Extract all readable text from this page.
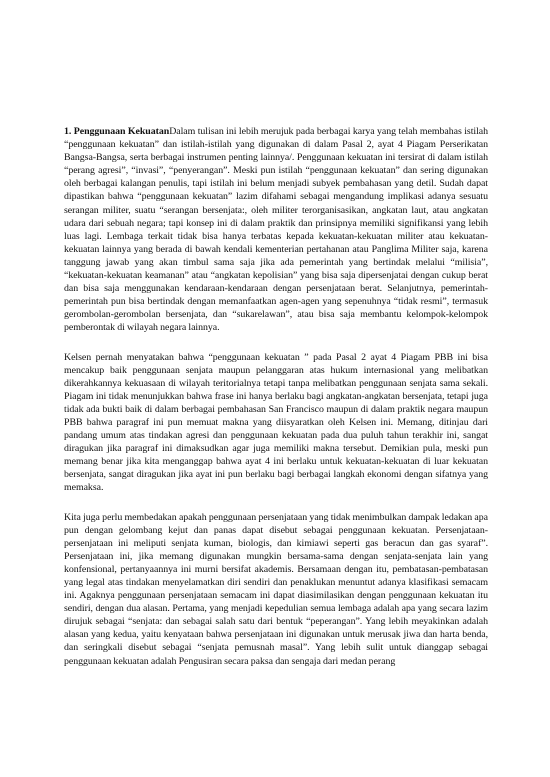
1. Penggunaan KekuatanDalam tulisan ini lebih merujuk pada berbagai karya yang telah membahas istilah “penggunaan kekuatan” dan istilah-istilah yang digunakan di dalam Pasal 2, ayat 4 Piagam Perserikatan Bangsa-Bangsa, serta berbagai instrumen penting lainnya/. Penggunaan kekuatan ini tersirat di dalam istilah “perang agresi”, “invasi”, “penyerangan”. Meski pun istilah “penggunaan kekuatan” dan sering digunakan oleh berbagai kalangan penulis, tapi istilah ini belum menjadi subyek pembahasan yang detil. Sudah dapat dipastikan bahwa “penggunaan kekuatan” lazim difahami sebagai mengandung implikasi adanya sesuatu serangan militer, suatu “serangan bersenjata:, oleh militer terorganisasikan, angkatan laut, atau angkatan udara dari sebuah negara; tapi konsep ini di dalam praktik dan prinsipnya memiliki signifikansi yang lebih luas lagi. Lembaga terkait tidak bisa hanya terbatas kepada kekuatan-kekuatan militer atau kekuatan-kekuatan lainnya yang berada di bawah kendali kementerian pertahanan atau Panglima Militer saja, karena tanggung jawab yang akan timbul sama saja jika ada pemerintah yang bertindak melalui “milisia”, “kekuatan-kekuatan keamanan” atau “angkatan kepolisian” yang bisa saja dipersenjatai dengan cukup berat dan bisa saja menggunakan kendaraan-kendaraan dengan persenjataan berat. Selanjutnya, pemerintah-pemerintah pun bisa bertindak dengan memanfaatkan agen-agen yang sepenuhnya “tidak resmi”, termasuk gerombolan-gerombolan bersenjata, dan “sukarelawan”, atau bisa saja membantu kelompok-kelompok pemberontak di wilayah negara lainnya.

Kelsen pernah menyatakan bahwa “penggunaan kekuatan ” pada Pasal 2 ayat 4 Piagam PBB ini bisa mencakup baik penggunaan senjata maupun pelanggaran atas hukum internasional yang melibatkan dikerahkannya kekuasaan di wilayah teritorialnya tetapi tanpa melibatkan penggunaan senjata sama sekali. Piagam ini tidak menunjukkan bahwa frase ini hanya berlaku bagi angkatan-angkatan bersenjata, tetapi juga tidak ada bukti baik di dalam berbagai pembahasan San Francisco maupun di dalam praktik negara maupun PBB bahwa paragraf ini pun memuat makna yang diisyaratkan oleh Kelsen ini. Memang, ditinjau dari pandang umum atas tindakan agresi dan penggunaan kekuatan pada dua puluh tahun terakhir ini, sangat diragukan jika paragraf ini dimaksudkan agar juga memiliki makna tersebut. Demikian pula, meski pun memang benar jika kita menganggap bahwa ayat 4 ini berlaku untuk kekuatan-kekuatan di luar kekuatan bersenjata, sangat diragukan jika ayat ini pun berlaku bagi berbagai langkah ekonomi dengan sifatnya yang memaksa.

Kita juga perlu membedakan apakah penggunaan persenjataan yang tidak menimbulkan dampak ledakan apa pun dengan gelombang kejut dan panas dapat disebut sebagai penggunaan kekuatan. Persenjataan-persenjataan ini meliputi senjata kuman, biologis, dan kimiawi seperti gas beracun dan gas syaraf”. Persenjataan ini, jika memang digunakan mungkin bersama-sama dengan senjata-senjata lain yang konfensional, pertanyaannya ini murni bersifat akademis. Bersamaan dengan itu, pembatasan-pembatasan yang legal atas tindakan menyelamatkan diri sendiri dan penaklukan menuntut adanya klasifikasi semacam ini. Agaknya penggunaan persenjataan semacam ini dapat diasimilasikan dengan penggunaan kekuatan itu sendiri, dengan dua alasan. Pertama, yang menjadi kepedulian semua lembaga adalah apa yang secara lazim dirujuk sebagai “senjata: dan sebagai salah satu dari bentuk “peperangan”. Yang lebih meyakinkan adalah alasan yang kedua, yaitu kenyataan bahwa persenjataan ini digunakan untuk merusak jiwa dan harta benda, dan seringkali disebut sebagai “senjata pemusnah masal”. Yang lebih sulit untuk dianggap sebagai penggunaan kekuatan adalah Pengusiran secara paksa dan sengaja dari medan perang
